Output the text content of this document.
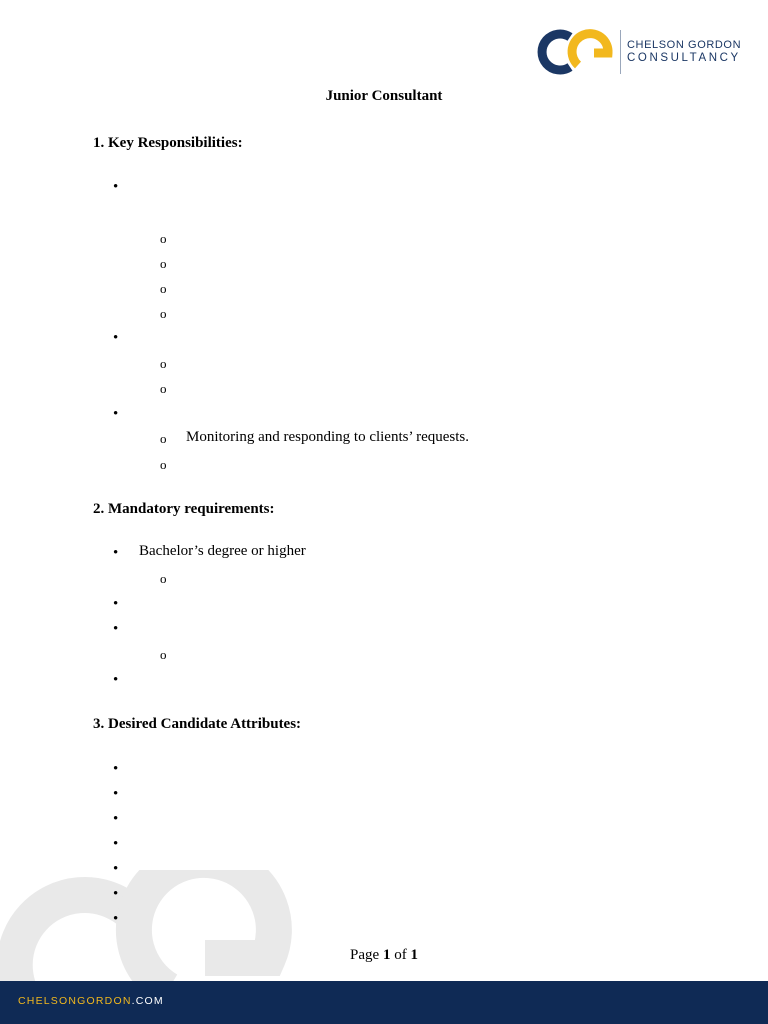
CHELSON GORDON
CONSULTANCY
Junior Consultant
1. Key Responsibilities:
•
o
o
o
o
•
o
o
•
o Monitoring and responding to clients’ requests.
o
2. Mandatory requirements:
• Bachelor’s degree or higher
o
•
•
o
•
3. Desired Candidate Attributes:
•
•
•
•
•
•
•
Page 1 of 1
CHELSONGORDON.COM
